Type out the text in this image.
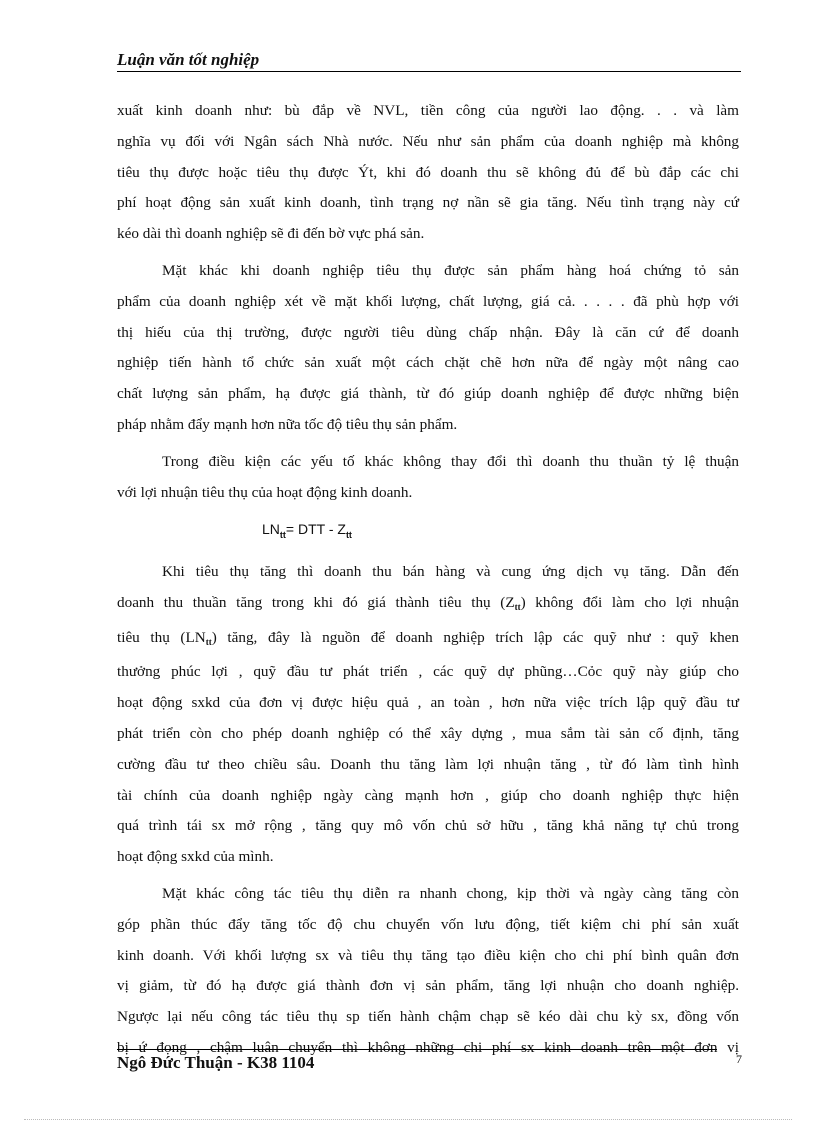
Luận văn tốt nghiệp

xuất kinh doanh như: bù đắp về NVL, tiền công của người lao động. . . và làm
nghĩa vụ đối với Ngân sách Nhà nước. Nếu như sản phẩm của doanh nghiệp mà không
tiêu thụ được hoặc tiêu thụ được Ýt, khi đó doanh thu sẽ không đủ để bù đắp các chi
phí hoạt động sản xuất kinh doanh, tình trạng nợ nần sẽ gia tăng. Nếu tình trạng này cứ
kéo dài thì doanh nghiệp sẽ đi đến bờ vực phá sản.

Mặt khác khi doanh nghiệp tiêu thụ được sản phẩm hàng hoá chứng tỏ sản
phẩm của doanh nghiệp xét về mặt khối lượng, chất lượng, giá cả. . . . . đã phù hợp với
thị hiếu của thị trường, được người tiêu dùng chấp nhận. Đây là căn cứ để doanh
nghiệp tiến hành tổ chức sản xuất một cách chặt chẽ hơn nữa để ngày một nâng cao
chất lượng sản phẩm, hạ được giá thành, từ đó giúp doanh nghiệp để được những biện
pháp nhằm đẩy mạnh hơn nữa tốc độ tiêu thụ sản phẩm.

Trong điều kiện các yếu tố khác không thay đổi thì doanh thu thuần tỷ lệ thuận
với lợi nhuận tiêu thụ của hoạt động kinh doanh.

$LN_{tt}=$ DTT - $Z_{tt}$

Khi tiêu thụ tăng thì doanh thu bán hàng và cung ứng dịch vụ tăng. Dẫn đến
doanh thu thuần tăng trong khi đó giá thành tiêu thụ (Ztt) không đổi làm cho lợi nhuận
tiêu thụ (LNtt) tăng, đây là nguồn để doanh nghiệp trích lập các quỹ như : quỹ khen
thưởng phúc lợi , quỹ đầu tư phát triển , các quỹ dự phũng…Cỏc quỹ này giúp cho
hoạt động sxkd của đơn vị được hiệu quả , an toàn , hơn nữa việc trích lập quỹ đầu tư
phát triển còn cho phép doanh nghiệp có thể xây dựng , mua sắm tài sản cố định, tăng
cường đầu tư theo chiều sâu. Doanh thu tăng làm lợi nhuận tăng , từ đó làm tình hình
tài chính của doanh nghiệp ngày càng mạnh hơn , giúp cho doanh nghiệp thực hiện
quá trình tái sx mở rộng , tăng quy mô vốn chủ sở hữu , tăng khả năng tự chủ trong
hoạt động sxkd của mình.

Mặt khác công tác tiêu thụ diễn ra nhanh chong, kịp thời và ngày càng tăng còn
góp phần thúc đẩy tăng tốc độ chu chuyển vốn lưu động, tiết kiệm chi phí sản xuất
kinh doanh. Với khối lượng sx và tiêu thụ tăng tạo điều kiện cho chi phí bình quân đơn
vị giảm, từ đó hạ được giá thành đơn vị sản phẩm, tăng lợi nhuận cho doanh nghiệp.
Ngược lại nếu công tác tiêu thụ sp tiến hành chậm chạp sẽ kéo dài chu kỳ sx, đồng vốn
bị ứ đọng , chậm luân chuyển thì không những chi phí sx kinh doanh trên một đơn vị

Ngô Đức Thuận - K38 1104	7
